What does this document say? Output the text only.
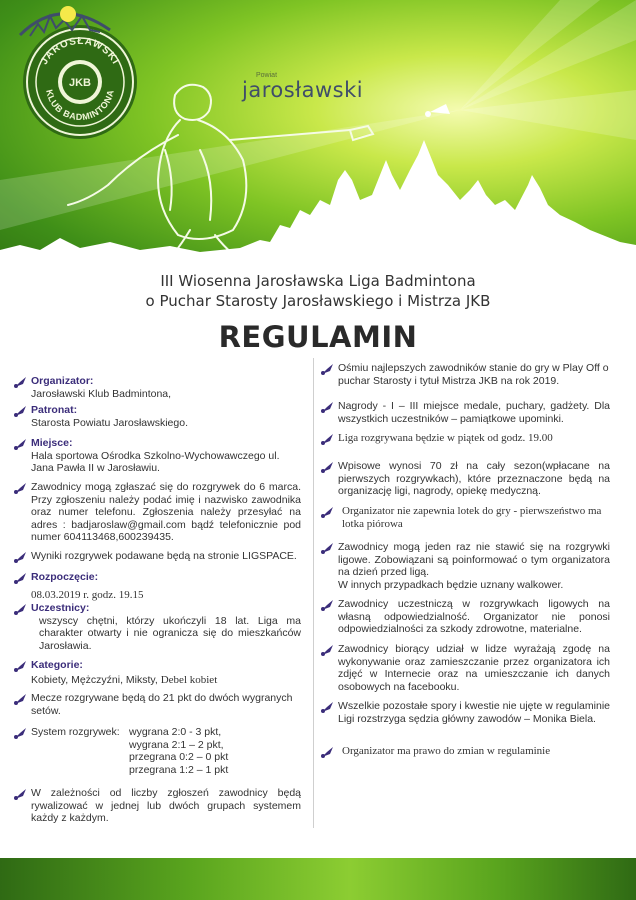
JAROSŁAWSKI
KLUB BADMINTONA
JKB
Powiat
jarosławski
III Wiosenna Jarosławska Liga Badmintona
o Puchar Starosty Jarosławskiego i Mistrza JKB
REGULAMIN
Organizator:
Jarosławski Klub Badmintona,
Patronat:
Starosta Powiatu Jarosławskiego.
Miejsce:
Hala sportowa Ośrodka Szkolno-Wychowawczego ul.
Jana Pawła II w Jarosławiu.
Zawodnicy mogą zgłaszać się do rozgrywek do 6 marca. Przy zgłoszeniu należy podać imię i nazwisko zawodnika oraz numer telefonu. Zgłoszenia należy przesyłać na adres : badjaroslaw@gmail.com bądź telefonicznie pod numer 604113468,600239435.
Wyniki rozgrywek podawane będą na stronie LIGSPACE.
Rozpoczęcie:
08.03.2019 r. godz. 19.15
Uczestnicy:
wszyscy chętni, którzy ukończyli 18 lat. Liga ma charakter otwarty i nie ogranicza się do mieszkańców Jarosławia.
Kategorie:
Kobiety, Mężczyźni, Miksty, Debel kobiet
Mecze rozgrywane będą do 21 pkt do dwóch wygranych setów.
System rozgrywek: wygrana 2:0 - 3 pkt,
wygrana 2:1 – 2 pkt,
przegrana 0:2 – 0 pkt
przegrana 1:2 – 1 pkt
W zależności od liczby zgłoszeń zawodnicy będą rywalizować w jednej lub dwóch grupach systemem każdy z każdym.
Ośmiu najlepszych zawodników stanie do gry w Play Off o puchar Starosty i tytuł Mistrza JKB na rok 2019.
Nagrody - I – III miejsce medale, puchary, gadżety. Dla wszystkich uczestników – pamiątkowe upominki.
Liga rozgrywana będzie w piątek od godz. 19.00
Wpisowe wynosi 70 zł na cały sezon(wpłacane na pierwszych rozgrywkach), które przeznaczone będą na organizację ligi, nagrody, opiekę medyczną.
Organizator nie zapewnia lotek do gry - pierwszeństwo ma lotka piórowa
Zawodnicy mogą jeden raz nie stawić się na rozgrywki ligowe. Zobowiązani są poinformować o tym organizatora na dzień przed ligą.
W innych przypadkach będzie uznany walkower.
Zawodnicy uczestniczą w rozgrywkach ligowych na własną odpowiedzialność. Organizator nie ponosi odpowiedzialności za szkody zdrowotne, materialne.
Zawodnicy biorący udział w lidze wyrażają zgodę na wykonywanie oraz zamieszczanie przez organizatora ich zdjęć w Internecie oraz na umieszczanie ich danych osobowych na facebooku.
Wszelkie pozostałe spory i kwestie nie ujęte w regulaminie Ligi rozstrzyga sędzia główny zawodów – Monika Biela.
Organizator ma prawo do zmian w regulaminie
